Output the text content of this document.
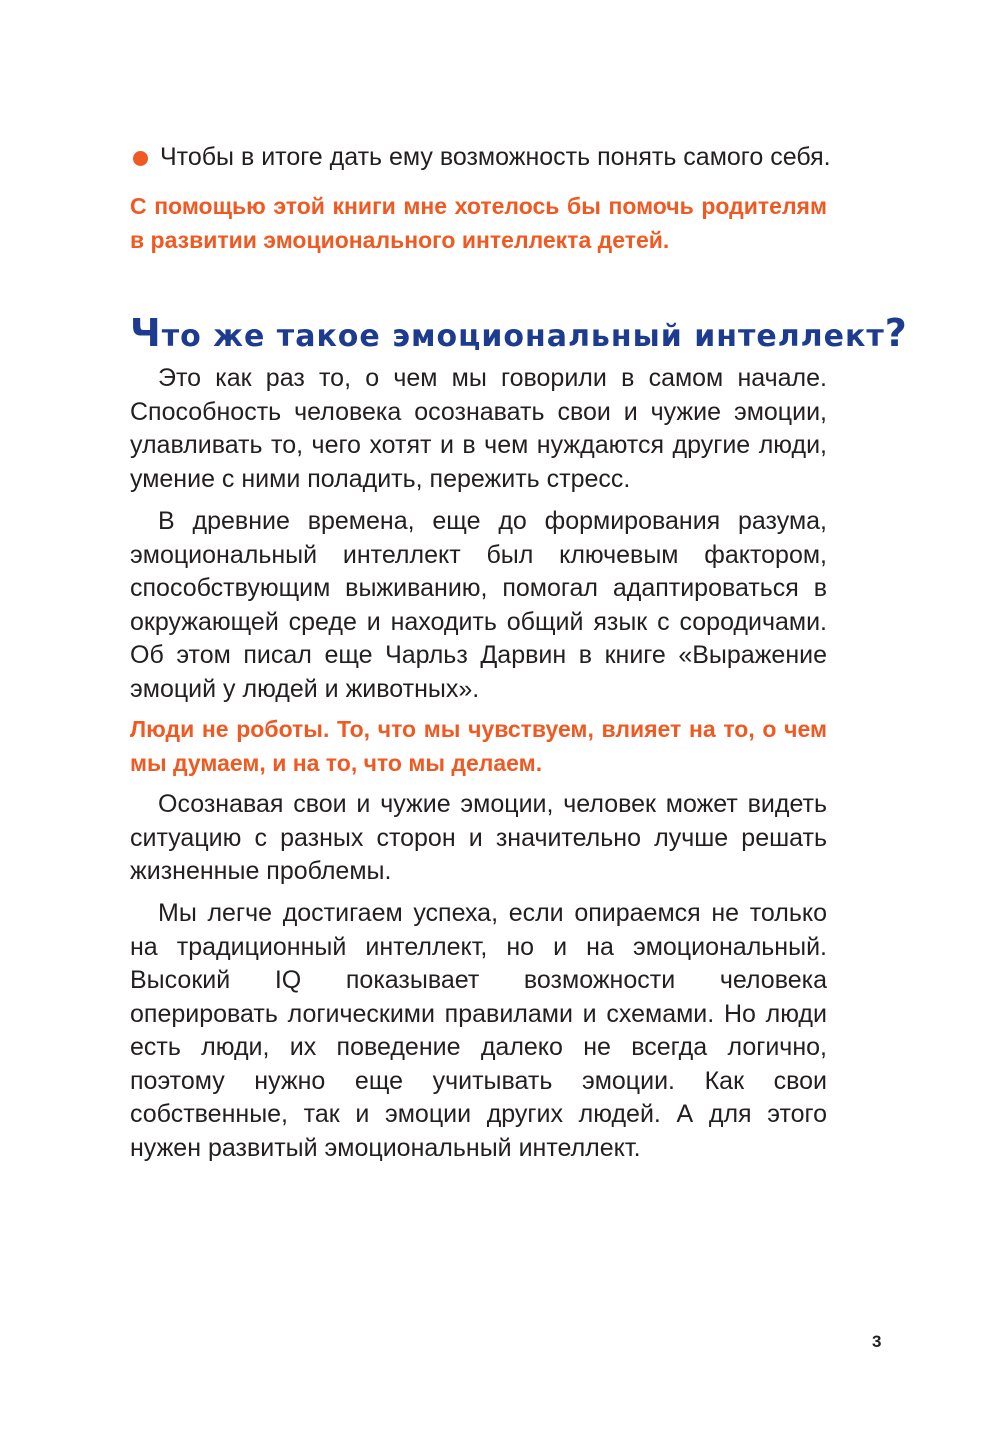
Чтобы в итоге дать ему возможность понять самого себя.
С помощью этой книги мне хотелось бы помочь родителям в развитии эмоционального интеллекта детей.
Что же такое эмоциональный интеллект?
Это как раз то, о чем мы говорили в самом начале. Способность человека осознавать свои и чужие эмоции, улавливать то, чего хотят и в чем нуждаются другие люди, умение с ними поладить, пережить стресс.
В древние времена, еще до формирования разума, эмоциональный интеллект был ключевым фактором, способствующим выживанию, помогал адаптироваться в окружающей среде и находить общий язык с сородичами. Об этом писал еще Чарльз Дарвин в книге «Выражение эмоций у людей и животных».
Люди не роботы. То, что мы чувствуем, влияет на то, о чем мы думаем, и на то, что мы делаем.
Осознавая свои и чужие эмоции, человек может видеть ситуацию с разных сторон и значительно лучше решать жизненные проблемы.
Мы легче достигаем успеха, если опираемся не только на традиционный интеллект, но и на эмоциональный. Высокий IQ показывает возможности человека оперировать логическими правилами и схемами. Но люди есть люди, их поведение далеко не всегда логично, поэтому нужно еще учитывать эмоции. Как свои собственные, так и эмоции других людей. А для этого нужен развитый эмоциональный интеллект.
3
